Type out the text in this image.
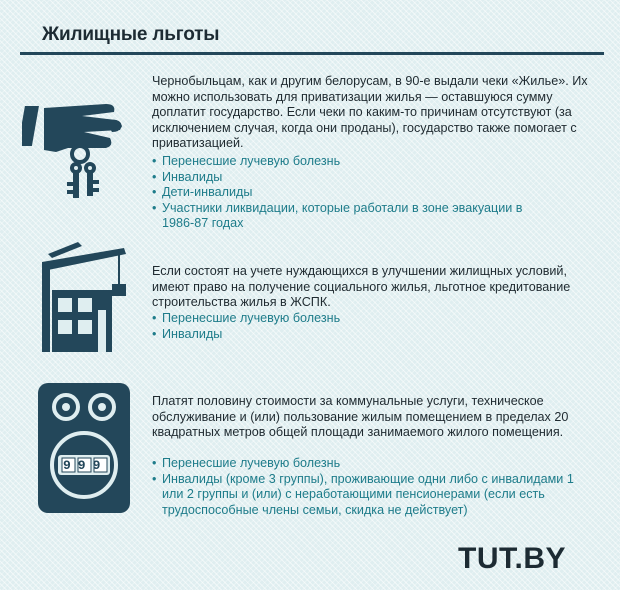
Жилищные льготы
Чернобыльцам, как и другим белорусам, в 90-е выдали чеки «Жилье». Их можно использовать для приватизации жилья — оставшуюся сумму доплатит государство. Если чеки по каким-то причинам отсутствуют (за исключением случая, когда они проданы), государство также помогает с приватизацией.
• Перенесшие лучевую болезнь
• Инвалиды
• Дети-инвалиды
• Участники ликвидации, которые работали в зоне эвакуации в 1986-87 годах
Если состоят на учете нуждающихся в улучшении жилищных условий, имеют право на получение социального жилья, льготное кредитование строительства жилья в ЖСПК.
• Перенесшие лучевую болезнь
• Инвалиды
999
Платят половину стоимости за коммунальные услуги, техническое обслуживание и (или) пользование жилым помещением в пределах 20 квадратных метров общей площади занимаемого жилого помещения.
• Перенесшие лучевую болезнь
• Инвалиды (кроме 3 группы), проживающие одни либо с инвалидами 1 или 2 группы и (или) с неработающими пенсионерами (если есть трудоспособные члены семьи, скидка не действует)
TUT.BY
